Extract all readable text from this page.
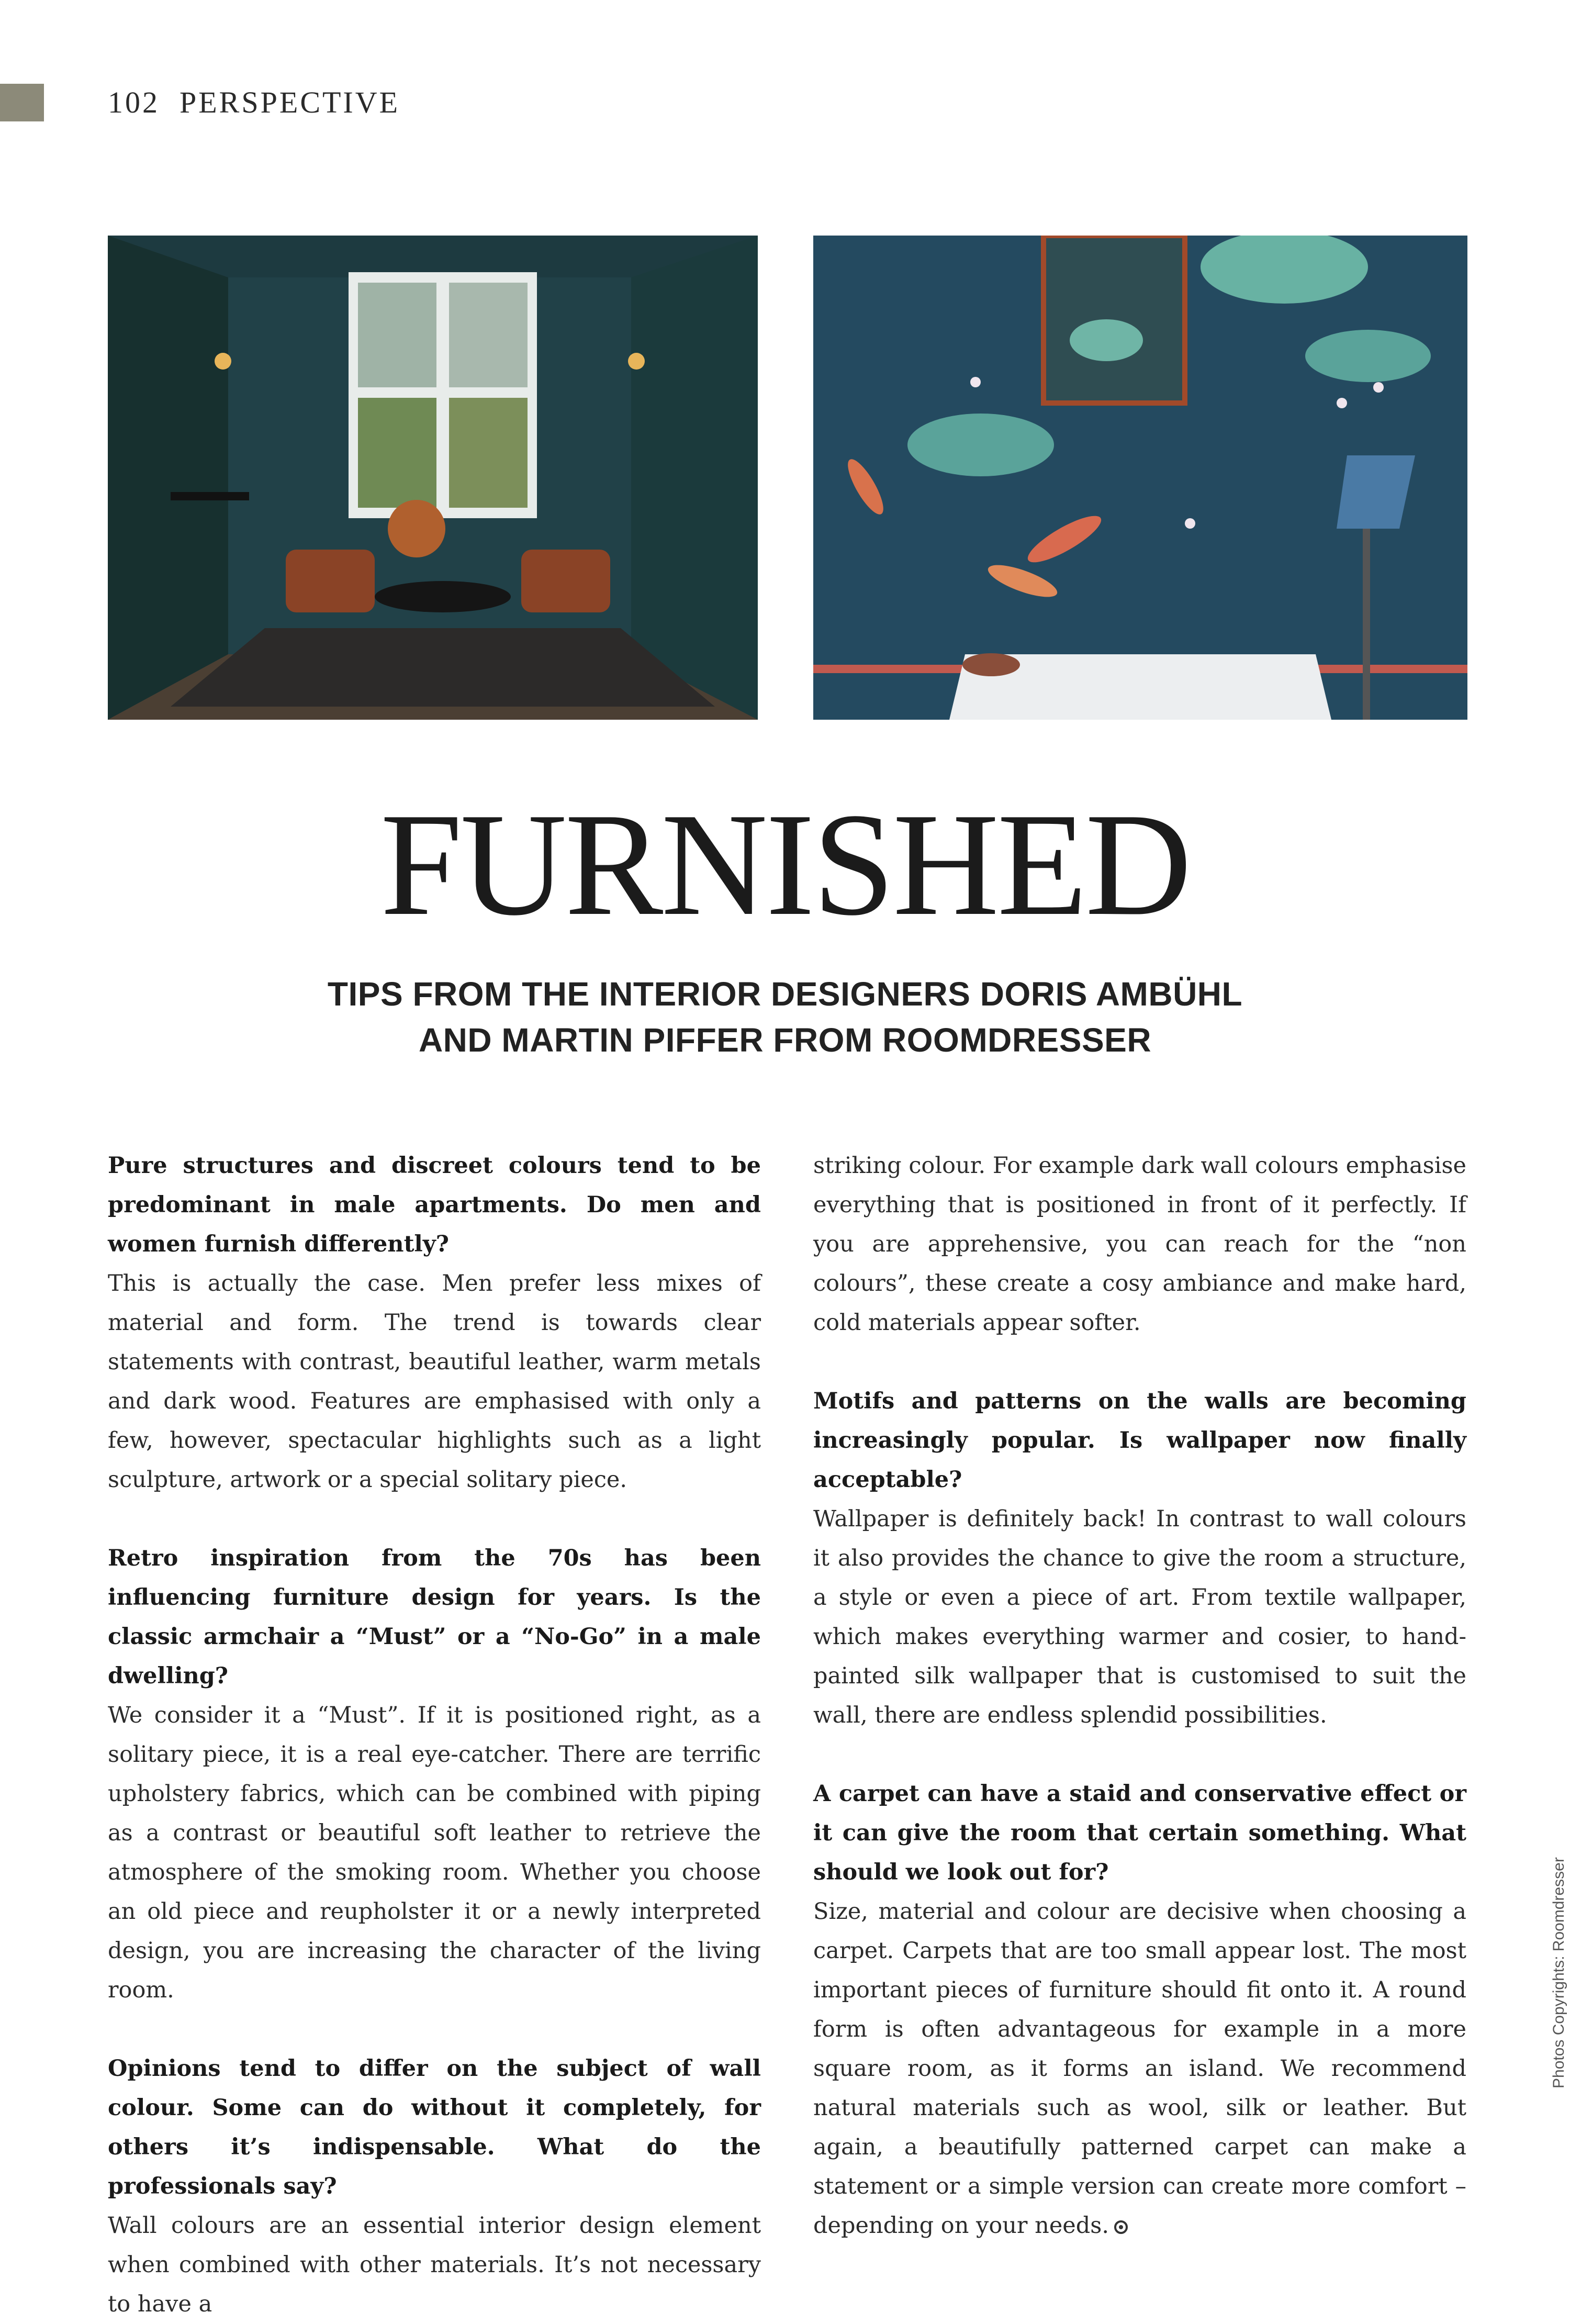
102 PERSPECTIVE
FURNISHED
TIPS FROM THE INTERIOR DESIGNERS DORIS AMBÜHL
AND MARTIN PIFFER FROM ROOMDRESSER

Pure structures and discreet colours tend to be predominant in male apartments. Do men and women furnish differently?

This is actually the case. Men prefer less mixes of material and form. The trend is towards clear statements with contrast, beautiful leather, warm metals and dark wood. Features are emphasised with only a few, however, spectacular highlights such as a light sculpture, artwork or a special solitary piece.

Retro inspiration from the 70s has been influencing furniture design for years. Is the classic armchair a “Must” or a “No-Go” in a male dwelling?

We consider it a “Must”. If it is positioned right, as a solitary piece, it is a real eye-catcher. There are terrific upholstery fabrics, which can be combined with piping as a contrast or beautiful soft leather to retrieve the atmosphere of the smoking room. Whether you choose an old piece and reupholster it or a newly interpreted design, you are increasing the character of the living room.

Opinions tend to differ on the subject of wall colour. Some can do without it completely, for others it’s indispensable. What do the professionals say?

Wall colours are an essential interior design element when combined with other materials. It’s not necessary to have a

striking colour. For example dark wall colours emphasise everything that is positioned in front of it perfectly. If you are apprehensive, you can reach for the “non colours”, these create a cosy ambiance and make hard, cold materials appear softer.

Motifs and patterns on the walls are becoming increasingly popular. Is wallpaper now finally acceptable?

Wallpaper is definitely back! In contrast to wall colours it also provides the chance to give the room a structure, a style or even a piece of art. From textile wallpaper, which makes everything warmer and cosier, to hand-painted silk wallpaper that is customised to suit the wall, there are endless splendid possibilities.

A carpet can have a staid and conservative effect or it can give the room that certain something. What should we look out for?

Size, material and colour are decisive when choosing a carpet. Carpets that are too small appear lost. The most important pieces of furniture should fit onto it. A round form is often advantageous for example in a more square room, as it forms an island. We recommend natural materials such as wool, silk or leather. But again, a beautifully patterned carpet can make a statement or a simple version can create more comfort – depending on your needs.

Photos Copyrights: Roomdresser
